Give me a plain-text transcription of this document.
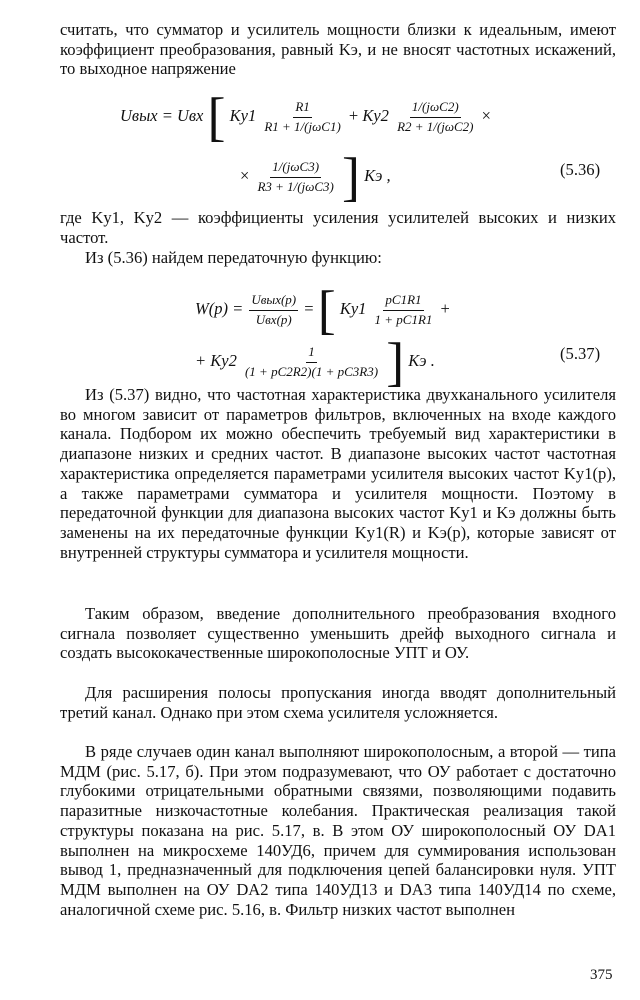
считать, что сумматор и усилитель мощности близки к идеальным, имеют коэффициент преобразования, равный Kэ, и не вносят частотных искажений, то выходное напряжение

Uвых = Uвх [ $Kу1 \frac{R1}{\text{R1 + 1/(jωC1)}} + Kу2 \frac{\text{1/(jωC2)}}{\text{R2 + 1/(jωC2)}}$ ×
× $\frac{\text{1/(jωC3)}}{\text{R3 + 1/(jωC3)}}$ ] Kэ ,	(5.36)

где Kу1, Kу2 — коэффициенты усиления усилителей высоких и низких частот.

Из (5.36) найдем передаточную функцию:

$W(p) = \frac{\text{Uвых(p)}}{\text{Uвх(p)}}$ = [ $Kу1 \frac{pC1R1}{1 + pC1R1}$ +
+ $Kу2 \frac{1}{(1 + pC2R2)(1 + pC3R3)}$ ] Kэ .	(5.37)

Из (5.37) видно, что частотная характеристика двухканального усилителя во многом зависит от параметров фильтров, включенных на входе каждого канала. Подбором их можно обеспечить требуемый вид характеристики в диапазоне низких и средних частот. В диапазоне высоких частот частотная характеристика определяется параметрами усилителя высоких частот Kу1(p), а также параметрами сумматора и усилителя мощности. Поэтому в передаточной функции для диапазона высоких частот Kу1 и Kэ должны быть заменены на их передаточные функции Kу1(R) и Kэ(p), которые зависят от внутренней структуры сумматора и усилителя мощности.

Таким образом, введение дополнительного преобразования входного сигнала позволяет существенно уменьшить дрейф выходного сигнала и создать высококачественные широкополосные УПТ и ОУ.

Для расширения полосы пропускания иногда вводят дополнительный третий канал. Однако при этом схема усилителя усложняется.

В ряде случаев один канал выполняют широкополосным, а второй — типа МДМ (рис. 5.17, б). При этом подразумевают, что ОУ работает с достаточно глубокими отрицательными обратными связями, позволяющими подавить паразитные низкочастотные колебания. Практическая реализация такой структуры показана на рис. 5.17, в. В этом ОУ широкополосный ОУ DA1 выполнен на микросхеме 140УД6, причем для суммирования использован вывод 1, предназначенный для подключения цепей балансировки нуля. УПТ МДМ выполнен на ОУ DA2 типа 140УД13 и DA3 типа 140УД14 по схеме, аналогичной схеме рис. 5.16, в. Фильтр низких частот выполнен

375
